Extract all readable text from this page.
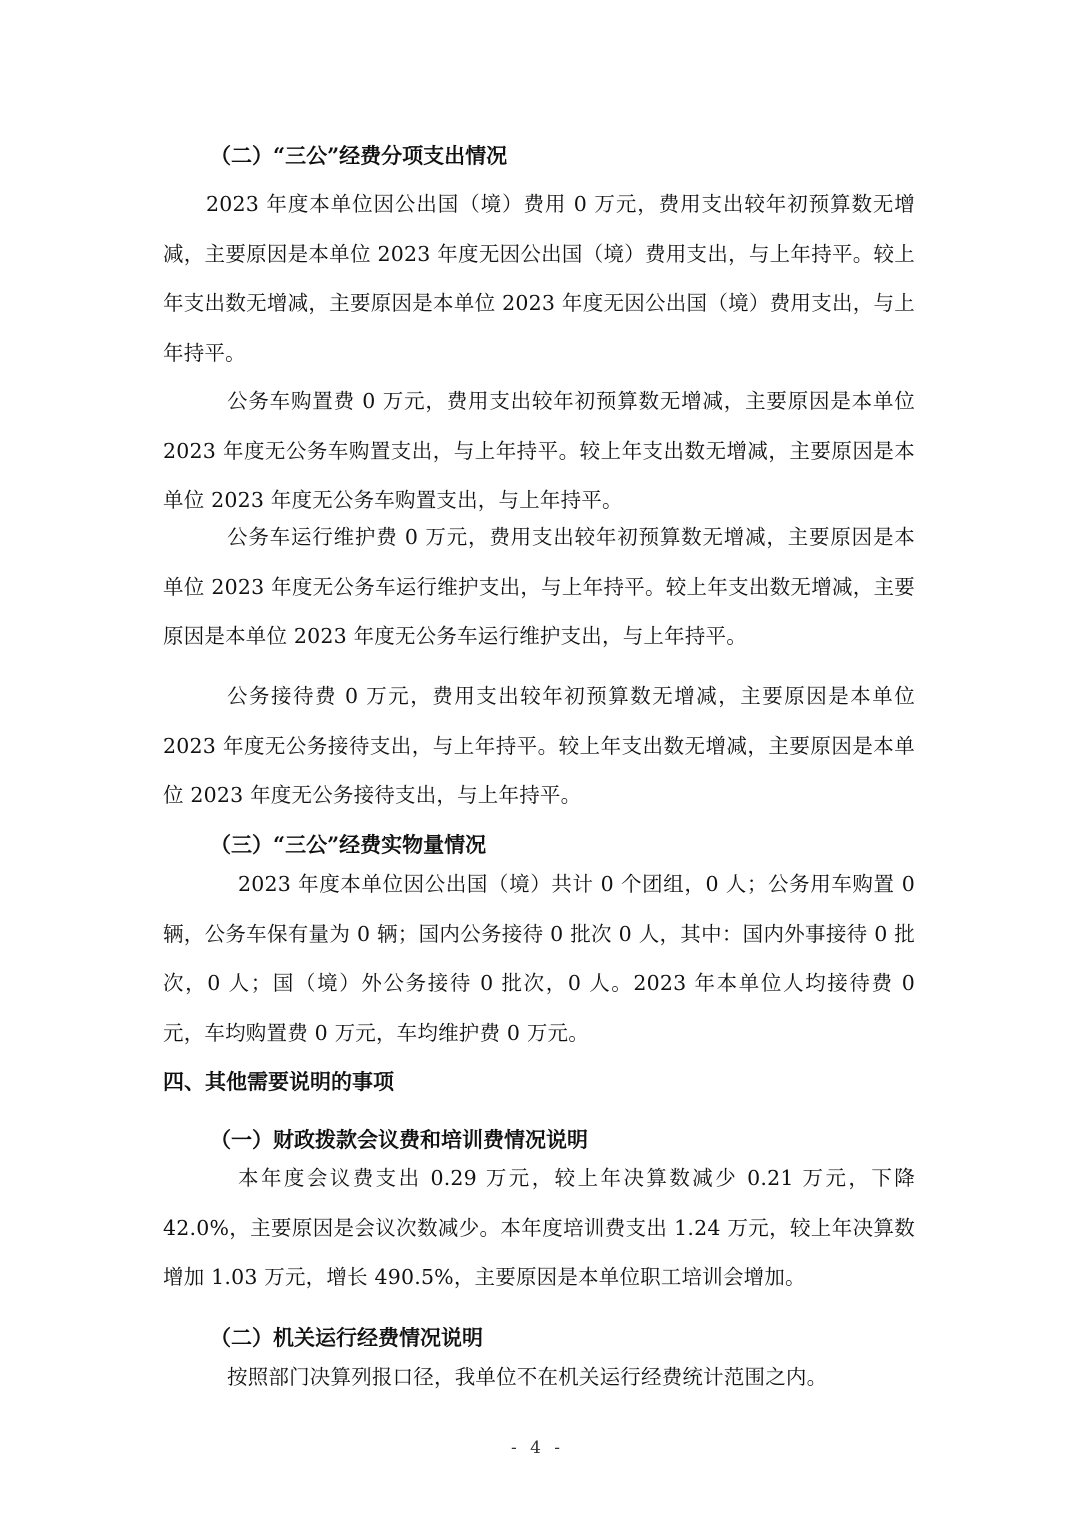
（二）“三公”经费分项支出情况
2023 年度本单位因公出国（境）费用 0 万元，费用支出较年初预算数无增减，主要原因是本单位 2023 年度无因公出国（境）费用支出，与上年持平。较上年支出数无增减，主要原因是本单位 2023 年度无因公出国（境）费用支出，与上年持平。
公务车购置费 0 万元，费用支出较年初预算数无增减，主要原因是本单位 2023 年度无公务车购置支出，与上年持平。较上年支出数无增减，主要原因是本单位 2023 年度无公务车购置支出，与上年持平。
公务车运行维护费 0 万元，费用支出较年初预算数无增减，主要原因是本单位 2023 年度无公务车运行维护支出，与上年持平。较上年支出数无增减，主要原因是本单位 2023 年度无公务车运行维护支出，与上年持平。
公务接待费 0 万元，费用支出较年初预算数无增减，主要原因是本单位 2023 年度无公务接待支出，与上年持平。较上年支出数无增减，主要原因是本单位 2023 年度无公务接待支出，与上年持平。
（三）“三公”经费实物量情况
2023 年度本单位因公出国（境）共计 0 个团组，0 人；公务用车购置 0 辆，公务车保有量为 0 辆；国内公务接待 0 批次 0 人，其中：国内外事接待 0 批次，0 人；国（境）外公务接待 0 批次，0 人。2023 年本单位人均接待费 0 元，车均购置费 0 万元，车均维护费 0 万元。
四、其他需要说明的事项
（一）财政拨款会议费和培训费情况说明
本年度会议费支出 0.29 万元，较上年决算数减少 0.21 万元，下降 42.0%，主要原因是会议次数减少。本年度培训费支出 1.24 万元，较上年决算数增加 1.03 万元，增长 490.5%，主要原因是本单位职工培训会增加。
（二）机关运行经费情况说明
按照部门决算列报口径，我单位不在机关运行经费统计范围之内。
- 4 -
